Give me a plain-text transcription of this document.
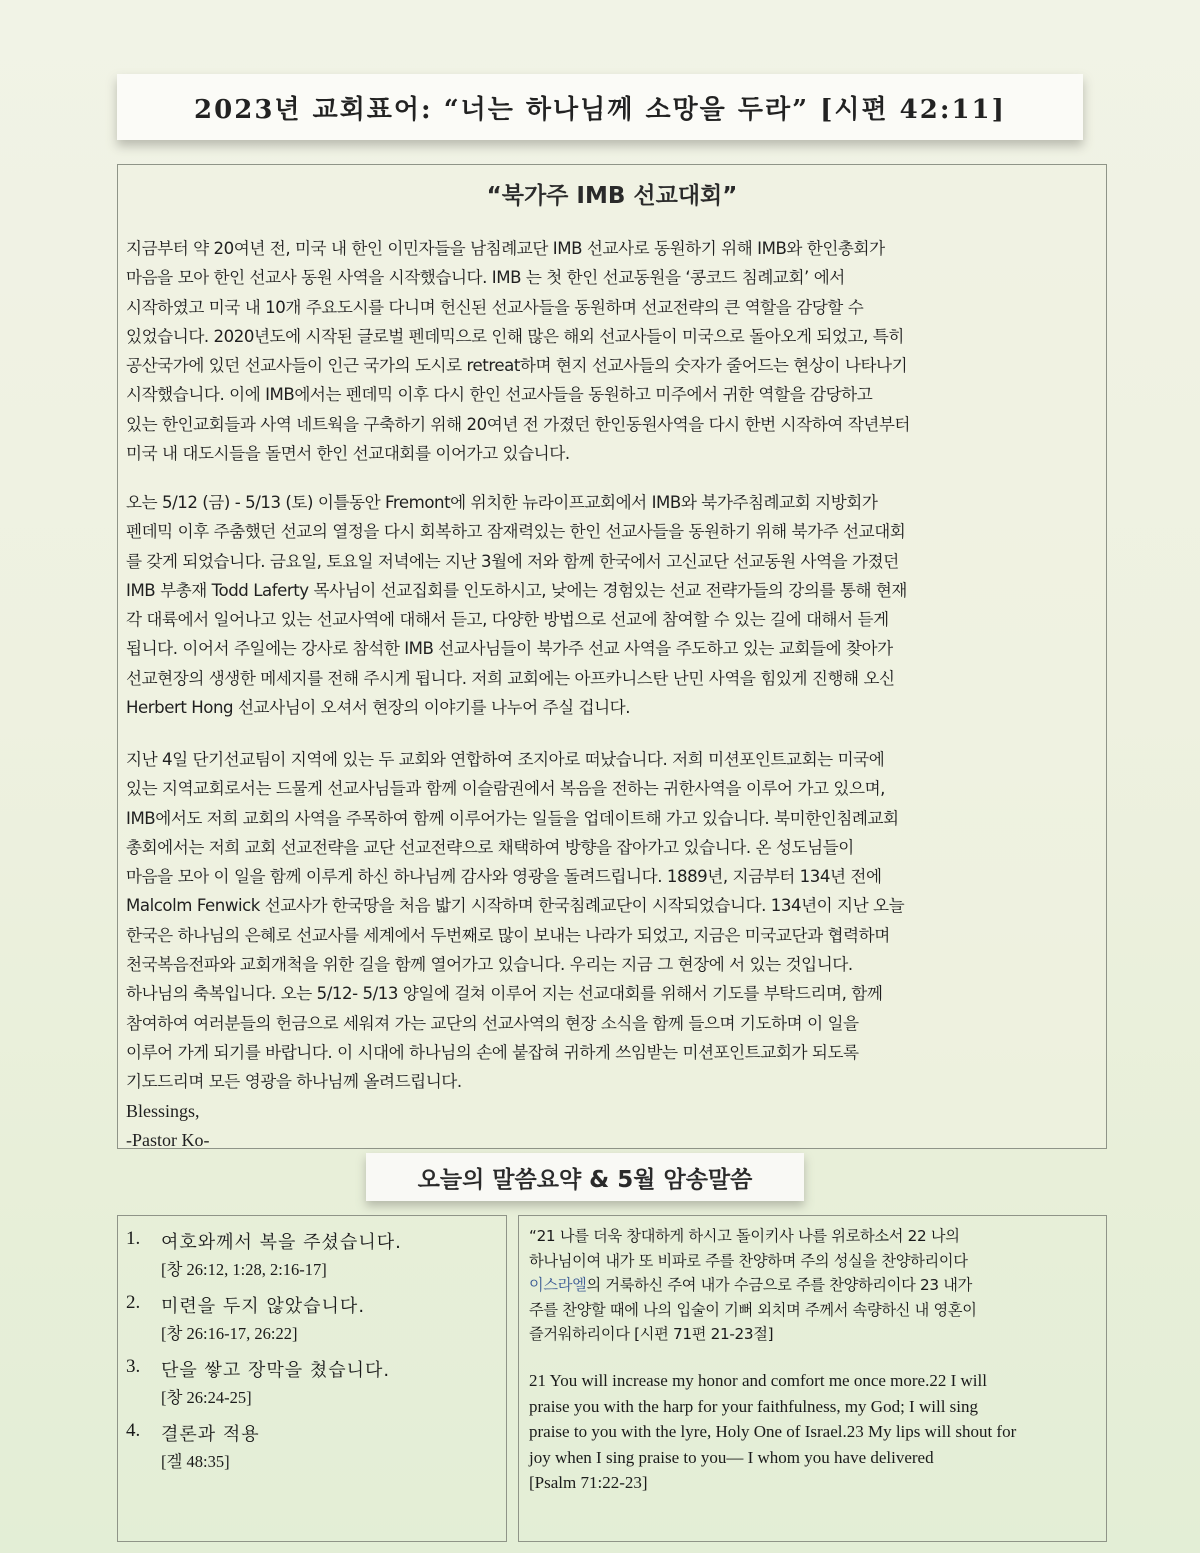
2023년 교회표어: “너는 하나님께 소망을 두라” [시편 42:11]
“북가주 IMB 선교대회”
지금부터 약 20여년 전, 미국 내 한인 이민자들을 남침례교단 IMB 선교사로 동원하기 위해 IMB와 한인총회가
마음을 모아 한인 선교사 동원 사역을 시작했습니다. IMB 는 첫 한인 선교동원을 ‘콩코드 침례교회’ 에서
시작하였고 미국 내 10개 주요도시를 다니며 헌신된 선교사들을 동원하며 선교전략의 큰 역할을 감당할 수
있었습니다. 2020년도에 시작된 글로벌 펜데믹으로 인해 많은 해외 선교사들이 미국으로 돌아오게 되었고, 특히
공산국가에 있던 선교사들이 인근 국가의 도시로 retreat하며 현지 선교사들의 숫자가 줄어드는 현상이 나타나기
시작했습니다. 이에 IMB에서는 펜데믹 이후 다시 한인 선교사들을 동원하고 미주에서 귀한 역할을 감당하고
있는 한인교회들과 사역 네트웍을 구축하기 위해 20여년 전 가졌던 한인동원사역을 다시 한번 시작하여 작년부터
미국 내 대도시들을 돌면서 한인 선교대회를 이어가고 있습니다.
오는 5/12 (금) - 5/13 (토) 이틀동안 Fremont에 위치한 뉴라이프교회에서 IMB와 북가주침례교회 지방회가
펜데믹 이후 주춤했던 선교의 열정을 다시 회복하고 잠재력있는 한인 선교사들을 동원하기 위해 북가주 선교대회
를 갖게 되었습니다. 금요일, 토요일 저녁에는 지난 3월에 저와 함께 한국에서 고신교단 선교동원 사역을 가졌던
IMB 부총재 Todd Laferty 목사님이 선교집회를 인도하시고, 낮에는 경험있는 선교 전략가들의 강의를 통해 현재
각 대륙에서 일어나고 있는 선교사역에 대해서 듣고, 다양한 방법으로 선교에 참여할 수 있는 길에 대해서 듣게
됩니다. 이어서 주일에는 강사로 참석한 IMB 선교사님들이 북가주 선교 사역을 주도하고 있는 교회들에 찾아가
선교현장의 생생한 메세지를 전해 주시게 됩니다. 저희 교회에는 아프카니스탄 난민 사역을 힘있게 진행해 오신
Herbert Hong 선교사님이 오셔서 현장의 이야기를 나누어 주실 겁니다.
지난 4일 단기선교팀이 지역에 있는 두 교회와 연합하여 조지아로 떠났습니다. 저희 미션포인트교회는 미국에
있는 지역교회로서는 드물게 선교사님들과 함께 이슬람권에서 복음을 전하는 귀한사역을 이루어 가고 있으며,
IMB에서도 저희 교회의 사역을 주목하여 함께 이루어가는 일들을 업데이트해 가고 있습니다. 북미한인침례교회
총회에서는 저희 교회 선교전략을 교단 선교전략으로 채택하여 방향을 잡아가고 있습니다. 온 성도님들이
마음을 모아 이 일을 함께 이루게 하신 하나님께 감사와 영광을 돌려드립니다. 1889년, 지금부터 134년 전에
Malcolm Fenwick 선교사가 한국땅을 처음 밟기 시작하며 한국침례교단이 시작되었습니다. 134년이 지난 오늘
한국은 하나님의 은혜로 선교사를 세계에서 두번째로 많이 보내는 나라가 되었고, 지금은 미국교단과 협력하며
천국복음전파와 교회개척을 위한 길을 함께 열어가고 있습니다. 우리는 지금 그 현장에 서 있는 것입니다.
하나님의 축복입니다. 오는 5/12- 5/13 양일에 걸쳐 이루어 지는 선교대회를 위해서 기도를 부탁드리며, 함께
참여하여 여러분들의 헌금으로 세워져 가는 교단의 선교사역의 현장 소식을 함께 들으며 기도하며 이 일을
이루어 가게 되기를 바랍니다. 이 시대에 하나님의 손에 붙잡혀 귀하게 쓰임받는 미션포인트교회가 되도록
기도드리며 모든 영광을 하나님께 올려드립니다.
Blessings,
-Pastor Ko-
오늘의 말씀요약 & 5월 암송말씀
1. 여호와께서 복을 주셨습니다.
[창 26:12, 1:28, 2:16-17]
2. 미련을 두지 않았습니다.
[창 26:16-17, 26:22]
3. 단을 쌓고 장막을 쳤습니다.
[창 26:24-25]
4. 결론과 적용
[겔 48:35]
“21 나를 더욱 창대하게 하시고 돌이키사 나를 위로하소서 22 나의
하나님이여 내가 또 비파로 주를 찬양하며 주의 성실을 찬양하리이다
이스라엘의 거룩하신 주여 내가 수금으로 주를 찬양하리이다 23 내가
주를 찬양할 때에 나의 입술이 기뻐 외치며 주께서 속량하신 내 영혼이
즐거워하리이다 [시편 71편 21-23절]
21 You will increase my honor and comfort me once more.22 I will
praise you with the harp for your faithfulness, my God; I will sing
praise to you with the lyre, Holy One of Israel.23 My lips will shout for
joy when I sing praise to you— I whom you have delivered
[Psalm 71:22-23]
